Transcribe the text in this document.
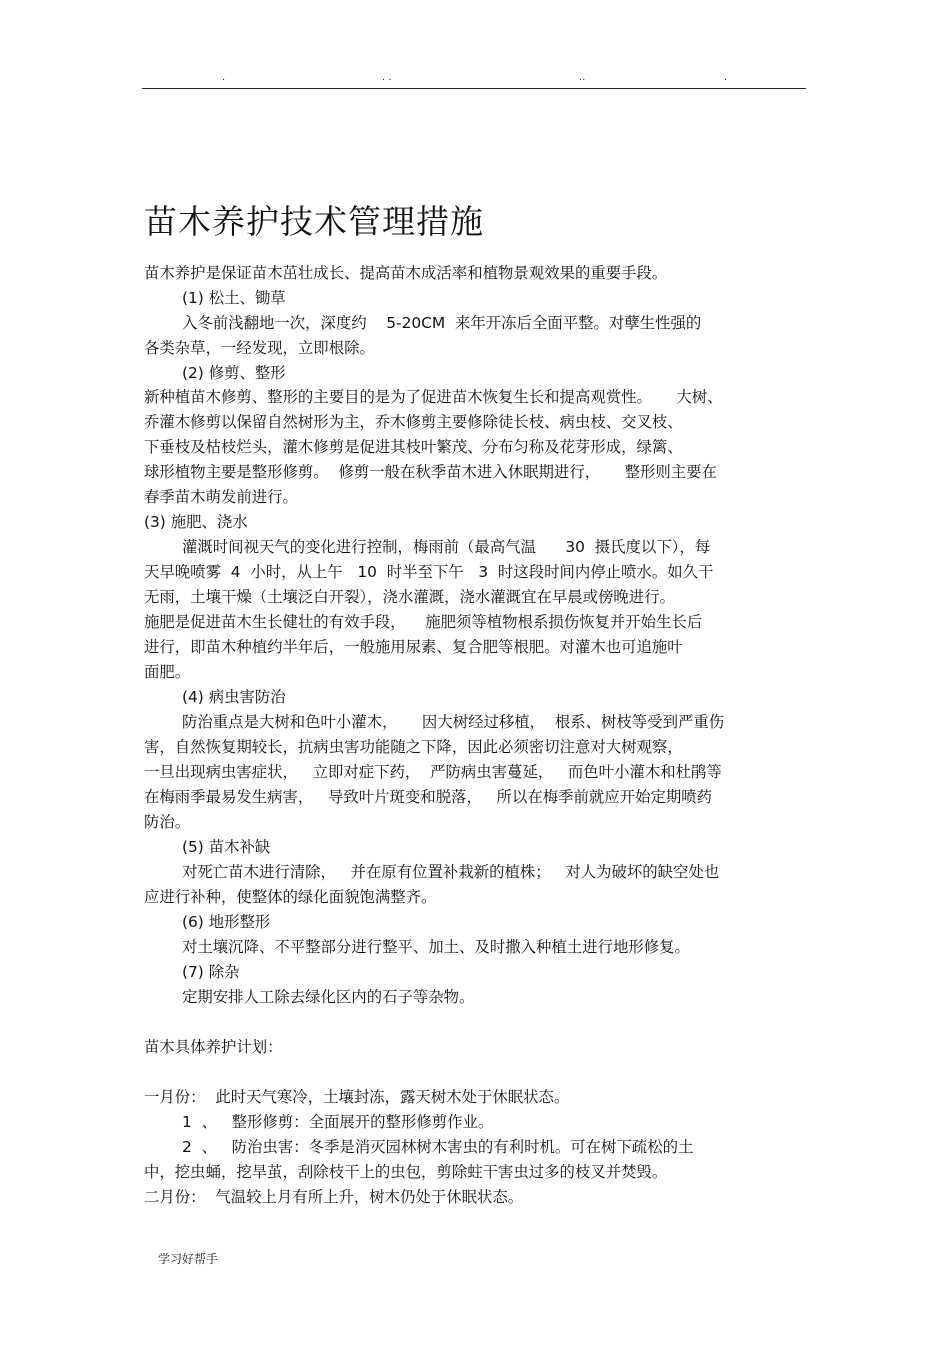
.	. .	..	.
苗木养护技术管理措施
苗木养护是保证苗木茁壮成长、提高苗木成活率和植物景观效果的重要手段。
(1) 松土、锄草
入冬前浅翻地一次，深度约    5-20CM  来年开冻后全面平整。对孽生性强的
各类杂草，一经发现，立即根除。
(2) 修剪、整形
新种植苗木修剪、整形的主要目的是为了促进苗木恢复生长和提高观赏性。     大树、
乔灌木修剪以保留自然树形为主，乔木修剪主要修除徒长枝、病虫枝、交叉枝、
下垂枝及枯枝烂头，灌木修剪是促进其枝叶繁茂、分布匀称及花芽形成，绿篱、
球形植物主要是整形修剪。  修剪一般在秋季苗木进入休眠期进行，     整形则主要在
春季苗木萌发前进行。
(3) 施肥、浇水
灌溉时间视天气的变化进行控制，梅雨前（最高气温      30  摄氏度以下），每
天早晚喷雾  4  小时，从上午   10  时半至下午   3  时这段时间内停止喷水。如久干
无雨，土壤干燥（土壤泛白开裂），浇水灌溉，浇水灌溉宜在早晨或傍晚进行。
施肥是促进苗木生长健壮的有效手段，    施肥须等植物根系损伤恢复并开始生长后
进行，即苗木种植约半年后，一般施用尿素、复合肥等根肥。对灌木也可追施叶
面肥。
(4) 病虫害防治
防治重点是大树和色叶小灌木，     因大树经过移植，  根系、树枝等受到严重伤
害，自然恢复期较长，抗病虫害功能随之下降，因此必须密切注意对大树观察，
一旦出现病虫害症状，   立即对症下药，  严防病虫害蔓延，   而色叶小灌木和杜鹃等
在梅雨季最易发生病害，   导致叶片斑变和脱落，   所以在梅季前就应开始定期喷药
防治。
(5) 苗木补缺
对死亡苗木进行清除，   并在原有位置补栽新的植株；   对人为破坏的缺空处也
应进行补种，使整体的绿化面貌饱满整齐。
(6) 地形整形
对土壤沉降、不平整部分进行整平、加土、及时撒入种植土进行地形修复。
(7) 除杂
定期安排人工除去绿化区内的石子等杂物。
苗木具体养护计划：
一月份：  此时天气寒冷，土壤封冻，露天树木处于休眠状态。
1  、   整形修剪：全面展开的整形修剪作业。
2  、   防治虫害：冬季是消灭园林树木害虫的有利时机。可在树下疏松的土
中，挖虫蛹，挖旱茧，刮除枝干上的虫包，剪除蛀干害虫过多的枝叉并焚毁。
二月份：  气温较上月有所上升，树木仍处于休眠状态。
学习好帮手
